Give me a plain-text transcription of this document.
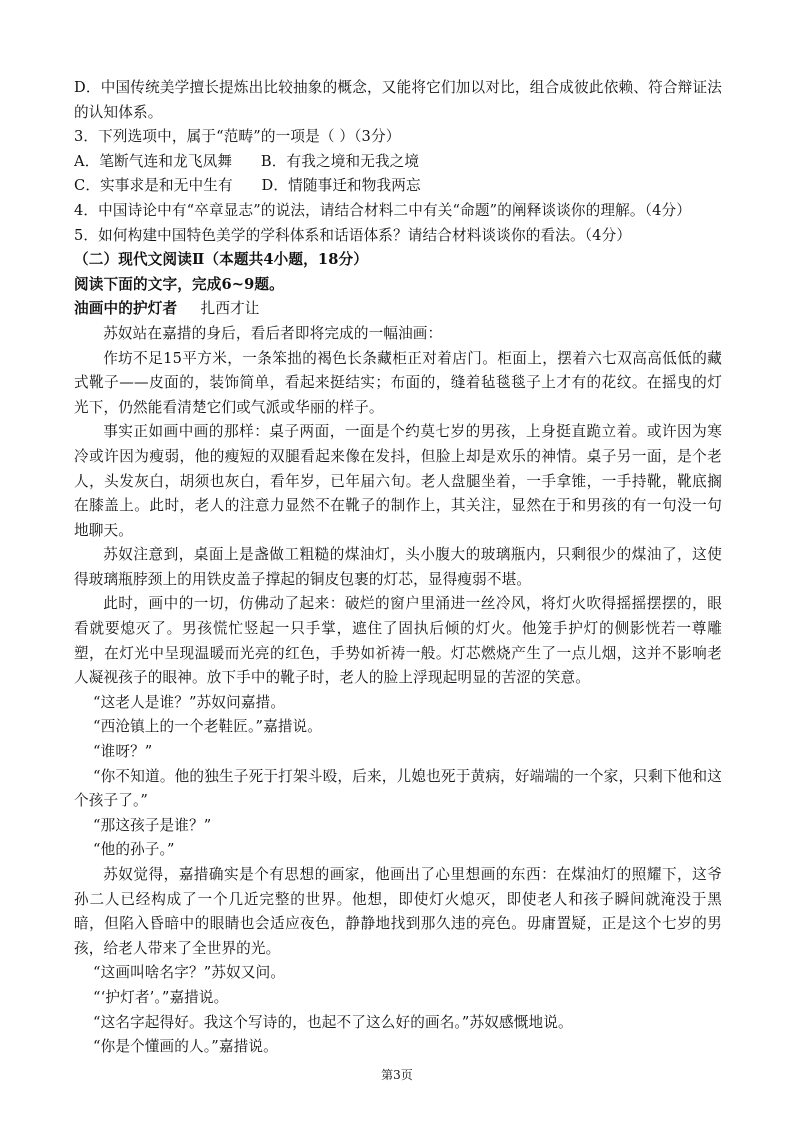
D．中国传统美学擅长提炼出比较抽象的概念，又能将它们加以对比，组合成彼此依赖、符合辩证法的认知体系。

3．下列选项中，属于“范畴”的一项是（ ）（3分）

A．笔断气连和龙飞凤舞      B．有我之境和无我之境

C．实事求是和无中生有      D．情随事迁和物我两忘

4．中国诗论中有“卒章显志”的说法，请结合材料二中有关“命题”的阐释谈谈你的理解。（4分）

5．如何构建中国特色美学的学科体系和话语体系？请结合材料谈谈你的看法。（4分）

（二）现代文阅读Ⅱ（本题共4小题，18分）

阅读下面的文字，完成6~9题。

油画中的护灯者 扎西才让

苏奴站在嘉措的身后，看后者即将完成的一幅油画：

作坊不足15平方米，一条笨拙的褐色长条藏柜正对着店门。柜面上，摆着六七双高高低低的藏式靴子——皮面的，装饰简单，看起来挺结实；布面的，缝着毡毯毯子上才有的花纹。在摇曳的灯光下，仍然能看清楚它们或气派或华丽的样子。

事实正如画中画的那样：桌子两面，一面是个约莫七岁的男孩，上身挺直跪立着。或许因为寒冷或许因为瘦弱，他的瘦短的双腿看起来像在发抖，但脸上却是欢乐的神情。桌子另一面，是个老人，头发灰白，胡须也灰白，看年岁，已年届六旬。老人盘腿坐着，一手拿锥，一手持靴，靴底搁在膝盖上。此时，老人的注意力显然不在靴子的制作上，其关注，显然在于和男孩的有一句没一句地聊天。

苏奴注意到，桌面上是盏做工粗糙的煤油灯，头小腹大的玻璃瓶内，只剩很少的煤油了，这使得玻璃瓶脖颈上的用铁皮盖子撑起的铜皮包裹的灯芯，显得瘦弱不堪。

此时，画中的一切，仿佛动了起来：破烂的窗户里涌进一丝冷风，将灯火吹得摇摇摆摆的，眼看就要熄灭了。男孩慌忙竖起一只手掌，遮住了固执后倾的灯火。他笼手护灯的侧影恍若一尊雕塑，在灯光中呈现温暖而光亮的红色，手势如祈祷一般。灯芯燃烧产生了一点儿烟，这并不影响老人凝视孩子的眼神。放下手中的靴子时，老人的脸上浮现起明显的苦涩的笑意。

“这老人是谁？”苏奴问嘉措。

“西沧镇上的一个老鞋匠。”嘉措说。

“谁呀？”

“你不知道。他的独生子死于打架斗殴，后来，儿媳也死于黄病，好端端的一个家，只剩下他和这个孩子了。”

“那这孩子是谁？”

“他的孙子。”

苏奴觉得，嘉措确实是个有思想的画家，他画出了心里想画的东西：在煤油灯的照耀下，这爷孙二人已经构成了一个几近完整的世界。他想，即使灯火熄灭，即使老人和孩子瞬间就淹没于黑暗，但陷入昏暗中的眼睛也会适应夜色，静静地找到那久违的亮色。毋庸置疑，正是这个七岁的男孩，给老人带来了全世界的光。

“这画叫啥名字？”苏奴又问。

“‘护灯者’。”嘉措说。

“这名字起得好。我这个写诗的，也起不了这么好的画名。”苏奴感慨地说。

“你是个懂画的人。”嘉措说。

第3页
